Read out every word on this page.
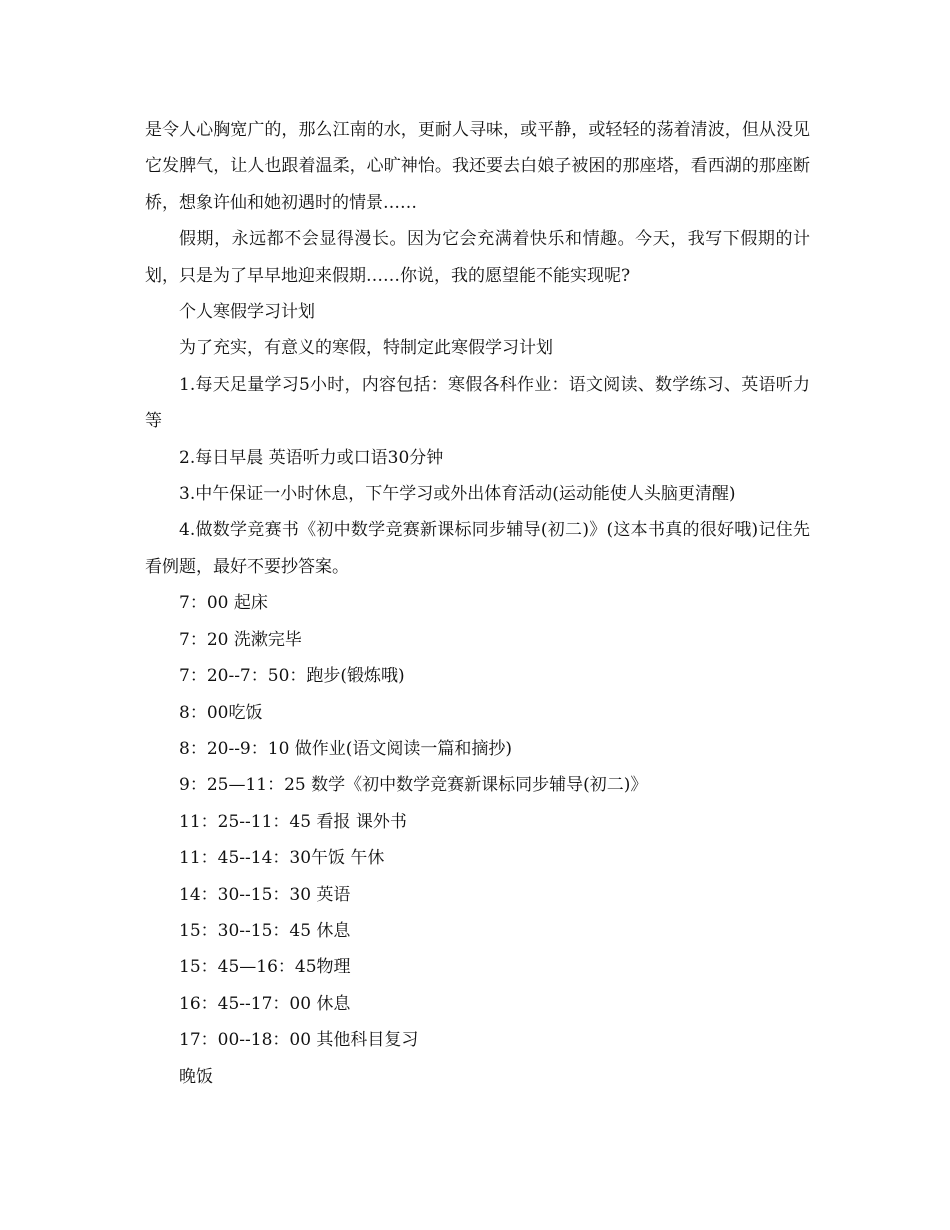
是令人心胸宽广的，那么江南的水，更耐人寻味，或平静，或轻轻的荡着清波，但从没见它发脾气，让人也跟着温柔，心旷神怡。我还要去白娘子被困的那座塔，看西湖的那座断桥，想象许仙和她初遇时的情景……

假期，永远都不会显得漫长。因为它会充满着快乐和情趣。今天，我写下假期的计划，只是为了早早地迎来假期……你说，我的愿望能不能实现呢?

个人寒假学习计划

为了充实，有意义的寒假，特制定此寒假学习计划

1.每天足量学习5小时，内容包括：寒假各科作业：语文阅读、数学练习、英语听力等

2.每日早晨 英语听力或口语30分钟

3.中午保证一小时休息，下午学习或外出体育活动(运动能使人头脑更清醒)

4.做数学竞赛书《初中数学竞赛新课标同步辅导(初二)》(这本书真的很好哦)记住先看例题，最好不要抄答案。

7：00 起床

7：20 洗漱完毕

7：20--7：50：跑步(锻炼哦)

8：00吃饭

8：20--9：10 做作业(语文阅读一篇和摘抄)

9：25—11：25 数学《初中数学竞赛新课标同步辅导(初二)》

11：25--11：45 看报 课外书

11：45--14：30午饭 午休

14：30--15：30 英语

15：30--15：45 休息

15：45—16：45物理

16：45--17：00 休息

17：00--18：00 其他科目复习

晚饭
